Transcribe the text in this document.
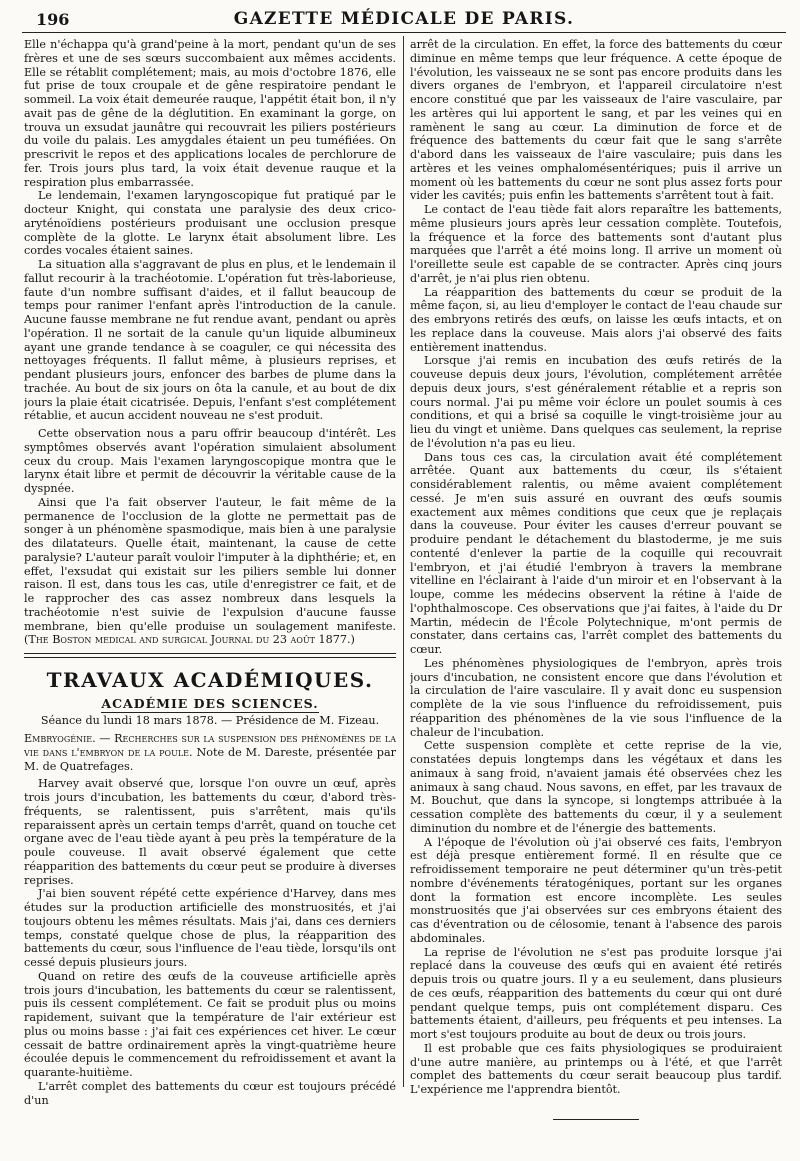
196	GAZETTE MÉDICALE DE PARIS.

Elle n'échappa qu'à grand'peine à la mort, pendant qu'un de ses frères et une de ses sœurs succombaient aux mêmes accidents. Elle se rétablit complétement; mais, au mois d'octobre 1876, elle fut prise de toux croupale et de gêne respiratoire pendant le sommeil. La voix était demeurée rauque, l'appétit était bon, il n'y avait pas de gêne de la déglutition. En examinant la gorge, on trouva un exsudat jaunâtre qui recouvrait les piliers postérieurs du voile du palais. Les amygdales étaient un peu tuméfiées. On prescrivit le repos et des applications locales de perchlorure de fer. Trois jours plus tard, la voix était devenue rauque et la respiration plus embarrassée.

Le lendemain, l'examen laryngoscopique fut pratiqué par le docteur Knight, qui constata une paralysie des deux crico-aryténoïdiens postérieurs produisant une occlusion presque complète de la glotte. Le larynx était absolument libre. Les cordes vocales étaient saines.

La situation alla s'aggravant de plus en plus, et le lendemain il fallut recourir à la trachéotomie. L'opération fut très-laborieuse, faute d'un nombre suffisant d'aides, et il fallut beaucoup de temps pour ranimer l'enfant après l'introduction de la canule. Aucune fausse membrane ne fut rendue avant, pendant ou après l'opération. Il ne sortait de la canule qu'un liquide albumineux ayant une grande tendance à se coaguler, ce qui nécessita des nettoyages fréquents. Il fallut même, à plusieurs reprises, et pendant plusieurs jours, enfoncer des barbes de plume dans la trachée. Au bout de six jours on ôta la canule, et au bout de dix jours la plaie était cicatrisée. Depuis, l'enfant s'est complétement rétablie, et aucun accident nouveau ne s'est produit.

Cette observation nous a paru offrir beaucoup d'intérêt. Les symptômes observés avant l'opération simulaient absolument ceux du croup. Mais l'examen laryngoscopique montra que le larynx était libre et permit de découvrir la véritable cause de la dyspnée.

Ainsi que l'a fait observer l'auteur, le fait même de la permanence de l'occlusion de la glotte ne permettait pas de songer à un phénomène spasmodique, mais bien à une paralysie des dilatateurs. Quelle était, maintenant, la cause de cette paralysie? L'auteur paraît vouloir l'imputer à la diphthérie; et, en effet, l'exsudat qui existait sur les piliers semble lui donner raison. Il est, dans tous les cas, utile d'enregistrer ce fait, et de le rapprocher des cas assez nombreux dans lesquels la trachéotomie n'est suivie de l'expulsion d'aucune fausse membrane, bien qu'elle produise un soulagement manifeste. (The Boston medical and surgical Journal du 23 août 1877.)

TRAVAUX ACADÉMIQUES.
ACADÉMIE DES SCIENCES.
Séance du lundi 18 mars 1878. — Présidence de M. Fizeau.

Embryogénie. — Recherches sur la suspension des phénomènes de la vie dans l'embryon de la poule. Note de M. Dareste, présentée par M. de Quatrefages.

Harvey avait observé que, lorsque l'on ouvre un œuf, après trois jours d'incubation, les battements du cœur, d'abord très-fréquents, se ralentissent, puis s'arrêtent, mais qu'ils reparaissent après un certain temps d'arrêt, quand on touche cet organe avec de l'eau tiède ayant à peu près la température de la poule couveuse. Il avait observé également que cette réapparition des battements du cœur peut se produire à diverses reprises.

J'ai bien souvent répété cette expérience d'Harvey, dans mes études sur la production artificielle des monstruosités, et j'ai toujours obtenu les mêmes résultats. Mais j'ai, dans ces derniers temps, constaté quelque chose de plus, la réapparition des battements du cœur, sous l'influence de l'eau tiède, lorsqu'ils ont cessé depuis plusieurs jours.

Quand on retire des œufs de la couveuse artificielle après trois jours d'incubation, les battements du cœur se ralentissent, puis ils cessent complétement. Ce fait se produit plus ou moins rapidement, suivant que la température de l'air extérieur est plus ou moins basse : j'ai fait ces expériences cet hiver. Le cœur cessait de battre ordinairement après la vingt-quatrième heure écoulée depuis le commencement du refroidissement et avant la quarante-huitième.

L'arrêt complet des battements du cœur est toujours précédé d'un

arrêt de la circulation. En effet, la force des battements du cœur diminue en même temps que leur fréquence. A cette époque de l'évolution, les vaisseaux ne se sont pas encore produits dans les divers organes de l'embryon, et l'appareil circulatoire n'est encore constitué que par les vaisseaux de l'aire vasculaire, par les artères qui lui apportent le sang, et par les veines qui en ramènent le sang au cœur. La diminution de force et de fréquence des battements du cœur fait que le sang s'arrête d'abord dans les vaisseaux de l'aire vasculaire; puis dans les artères et les veines omphalomésentériques; puis il arrive un moment où les battements du cœur ne sont plus assez forts pour vider les cavités; puis enfin les battements s'arrêtent tout à fait.

Le contact de l'eau tiède fait alors reparaître les battements, même plusieurs jours après leur cessation complète. Toutefois, la fréquence et la force des battements sont d'autant plus marquées que l'arrêt a été moins long. Il arrive un moment où l'oreillette seule est capable de se contracter. Après cinq jours d'arrêt, je n'ai plus rien obtenu.

La réapparition des battements du cœur se produit de la même façon, si, au lieu d'employer le contact de l'eau chaude sur des embryons retirés des œufs, on laisse les œufs intacts, et on les replace dans la couveuse. Mais alors j'ai observé des faits entièrement inattendus.

Lorsque j'ai remis en incubation des œufs retirés de la couveuse depuis deux jours, l'évolution, complétement arrêtée depuis deux jours, s'est généralement rétablie et a repris son cours normal. J'ai pu même voir éclore un poulet soumis à ces conditions, et qui a brisé sa coquille le vingt-troisième jour au lieu du vingt et unième. Dans quelques cas seulement, la reprise de l'évolution n'a pas eu lieu.

Dans tous ces cas, la circulation avait été complétement arrêtée. Quant aux battements du cœur, ils s'étaient considérablement ralentis, ou même avaient complétement cessé. Je m'en suis assuré en ouvrant des œufs soumis exactement aux mêmes conditions que ceux que je replaçais dans la couveuse. Pour éviter les causes d'erreur pouvant se produire pendant le détachement du blastoderme, je me suis contenté d'enlever la partie de la coquille qui recouvrait l'embryon, et j'ai étudié l'embryon à travers la membrane vitelline en l'éclairant à l'aide d'un miroir et en l'observant à la loupe, comme les médecins observent la rétine à l'aide de l'ophthalmoscope. Ces observations que j'ai faites, à l'aide du Dr Martin, médecin de l'École Polytechnique, m'ont permis de constater, dans certains cas, l'arrêt complet des battements du cœur.

Les phénomènes physiologiques de l'embryon, après trois jours d'incubation, ne consistent encore que dans l'évolution et la circulation de l'aire vasculaire. Il y avait donc eu suspension complète de la vie sous l'influence du refroidissement, puis réapparition des phénomènes de la vie sous l'influence de la chaleur de l'incubation.

Cette suspension complète et cette reprise de la vie, constatées depuis longtemps dans les végétaux et dans les animaux à sang froid, n'avaient jamais été observées chez les animaux à sang chaud. Nous savons, en effet, par les travaux de M. Bouchut, que dans la syncope, si longtemps attribuée à la cessation complète des battements du cœur, il y a seulement diminution du nombre et de l'énergie des battements.

A l'époque de l'évolution où j'ai observé ces faits, l'embryon est déjà presque entièrement formé. Il en résulte que ce refroidissement temporaire ne peut déterminer qu'un très-petit nombre d'événements tératogéniques, portant sur les organes dont la formation est encore incomplète. Les seules monstruosités que j'ai observées sur ces embryons étaient des cas d'éventration ou de célosomie, tenant à l'absence des parois abdominales.

La reprise de l'évolution ne s'est pas produite lorsque j'ai replacé dans la couveuse des œufs qui en avaient été retirés depuis trois ou quatre jours. Il y a eu seulement, dans plusieurs de ces œufs, réapparition des battements du cœur qui ont duré pendant quelque temps, puis ont complétement disparu. Ces battements étaient, d'ailleurs, peu fréquents et peu intenses. La mort s'est toujours produite au bout de deux ou trois jours.

Il est probable que ces faits physiologiques se produiraient d'une autre manière, au printemps ou à l'été, et que l'arrêt complet des battements du cœur serait beaucoup plus tardif. L'expérience me l'apprendra bientôt.
